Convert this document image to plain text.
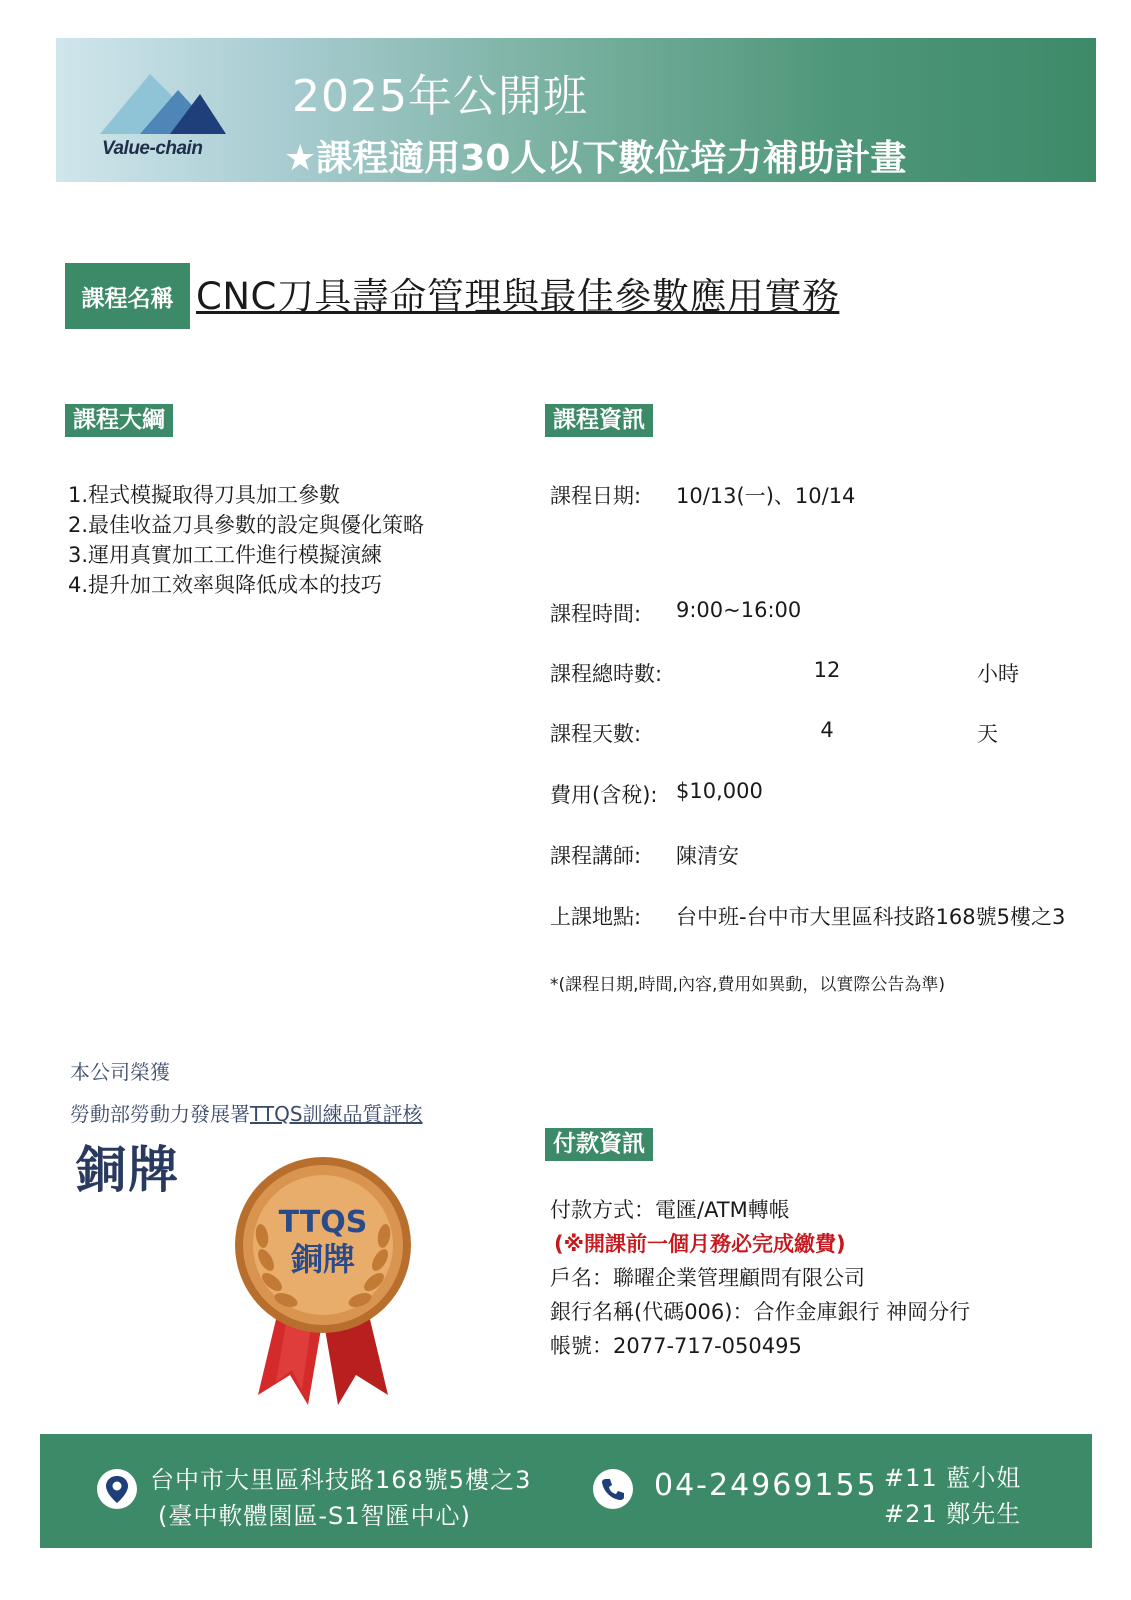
Value-chain
2025年公開班
★課程適用30人以下數位培力補助計畫
課程名稱 CNC刀具壽命管理與最佳參數應用實務
課程大綱
1.程式模擬取得刀具加工參數
2.最佳收益刀具參數的設定與優化策略
3.運用真實加工工件進行模擬演練
4.提升加工效率與降低成本的技巧
課程資訊
課程日期: 10/13(一)、10/14
課程時間: 9:00~16:00
課程總時數:	12	小時
課程天數:	4	天
費用(含稅): $10,000
課程講師: 陳清安
上課地點: 台中班-台中市大里區科技路168號5樓之3
*(課程日期,時間,內容,費用如異動，以實際公告為準)
本公司榮獲
勞動部勞動力發展署TTQS訓練品質評核
銅牌
TTQS
銅牌
付款資訊
付款方式：電匯/ATM轉帳
(※開課前一個月務必完成繳費)
戶名：聯曜企業管理顧問有限公司
銀行名稱(代碼006)：合作金庫銀行 神岡分行
帳號：2077-717-050495
台中市大里區科技路168號5樓之3
(臺中軟體園區-S1智匯中心)
04-24969155 #11 藍小姐
#21 鄭先生
